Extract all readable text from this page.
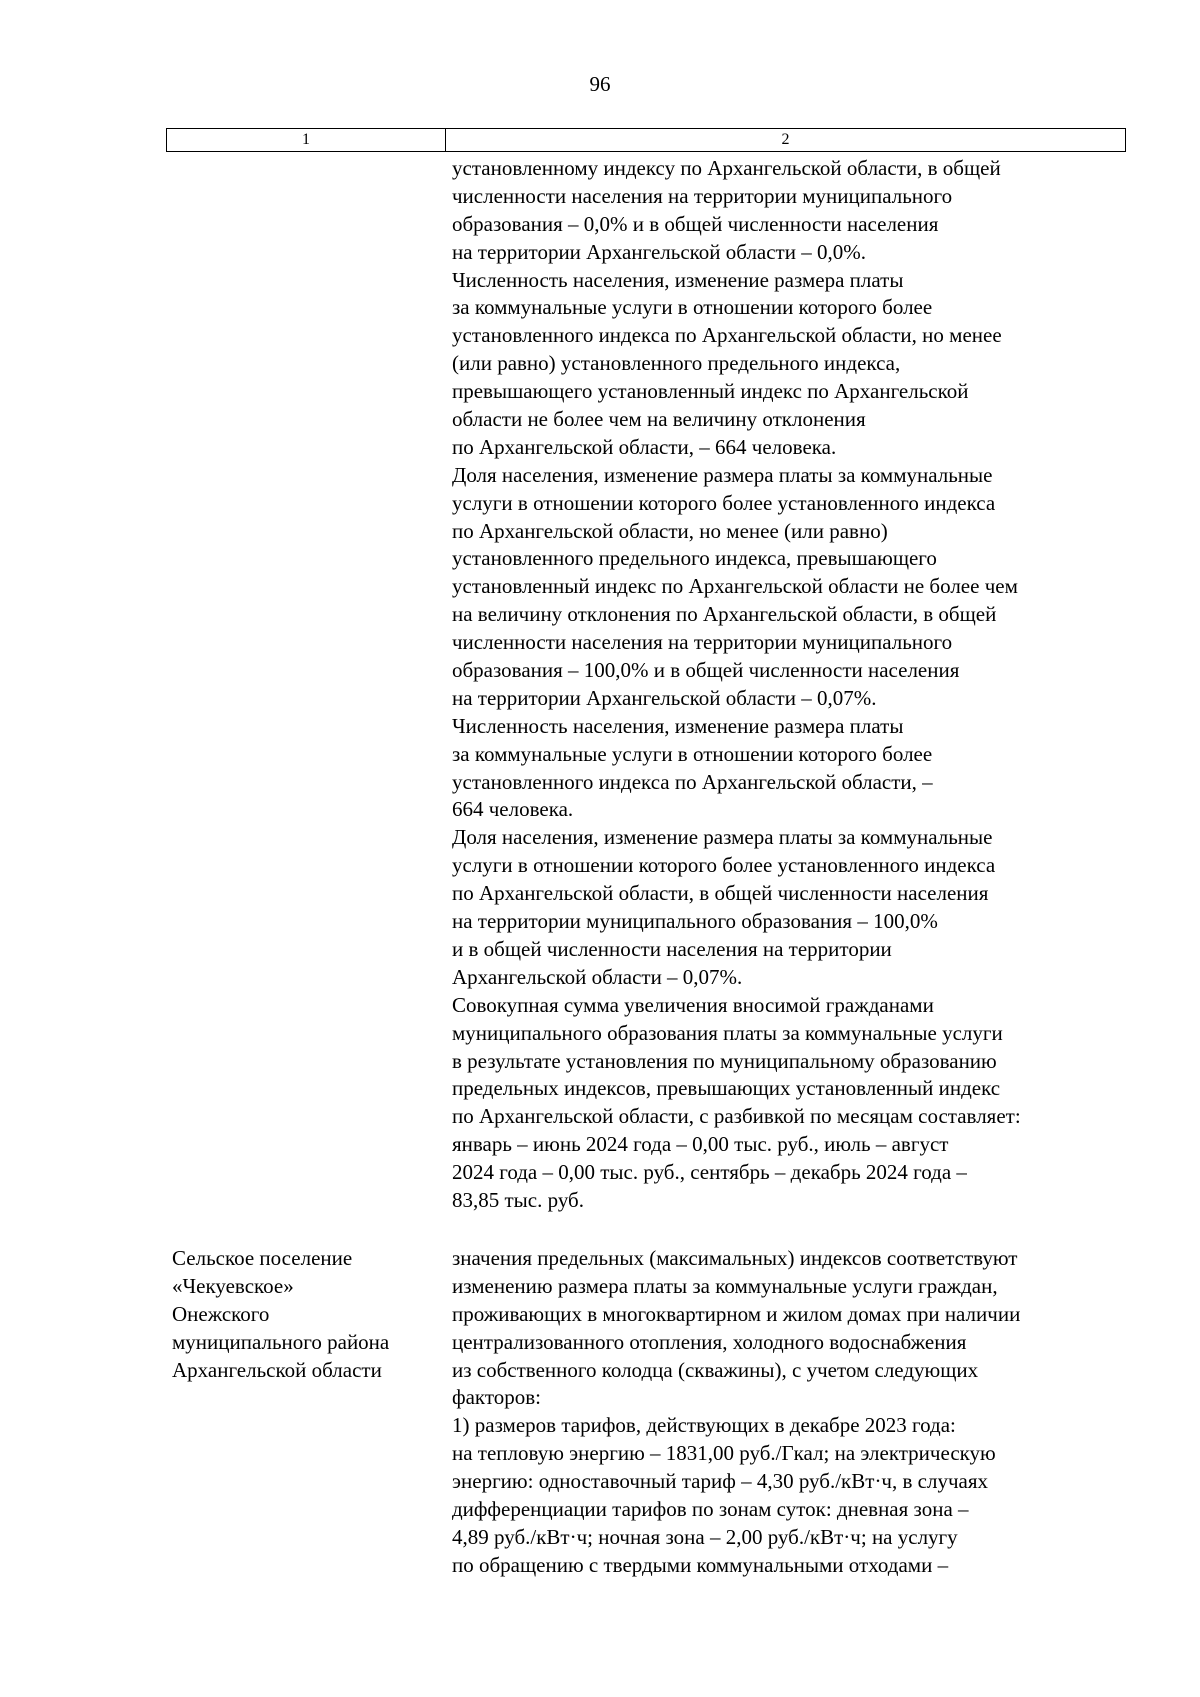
96
1	2
установленному индексу по Архангельской области, в общей
численности населения на территории муниципального
образования – 0,0% и в общей численности населения
на территории Архангельской области – 0,0%.
Численность населения, изменение размера платы
за коммунальные услуги в отношении которого более
установленного индекса по Архангельской области, но менее
(или равно) установленного предельного индекса,
превышающего установленный индекс по Архангельской
области не более чем на величину отклонения
по Архангельской области, – 664 человека.
Доля населения, изменение размера платы за коммунальные
услуги в отношении которого более установленного индекса
по Архангельской области, но менее (или равно)
установленного предельного индекса, превышающего
установленный индекс по Архангельской области не более чем
на величину отклонения по Архангельской области, в общей
численности населения на территории муниципального
образования – 100,0% и в общей численности населения
на территории Архангельской области – 0,07%.
Численность населения, изменение размера платы
за коммунальные услуги в отношении которого более
установленного индекса по Архангельской области, –
664 человека.
Доля населения, изменение размера платы за коммунальные
услуги в отношении которого более установленного индекса
по Архангельской области, в общей численности населения
на территории муниципального образования – 100,0%
и в общей численности населения на территории
Архангельской области – 0,07%.
Совокупная сумма увеличения вносимой гражданами
муниципального образования платы за коммунальные услуги
в результате установления по муниципальному образованию
предельных индексов, превышающих установленный индекс
по Архангельской области, с разбивкой по месяцам составляет:
январь – июнь 2024 года – 0,00 тыс. руб., июль – август
2024 года – 0,00 тыс. руб., сентябрь – декабрь 2024 года –
83,85 тыс. руб.
Сельское поселение
«Чекуевское»
Онежского
муниципального района
Архангельской области
значения предельных (максимальных) индексов соответствуют
изменению размера платы за коммунальные услуги граждан,
проживающих в многоквартирном и жилом домах при наличии
централизованного отопления, холодного водоснабжения
из собственного колодца (скважины), с учетом следующих
факторов:
1) размеров тарифов, действующих в декабре 2023 года:
на тепловую энергию – 1831,00 руб./Гкал; на электрическую
энергию: одноставочный тариф – 4,30 руб./кВт·ч, в случаях
дифференциации тарифов по зонам суток: дневная зона –
4,89 руб./кВт·ч; ночная зона – 2,00 руб./кВт·ч; на услугу
по обращению с твердыми коммунальными отходами –
